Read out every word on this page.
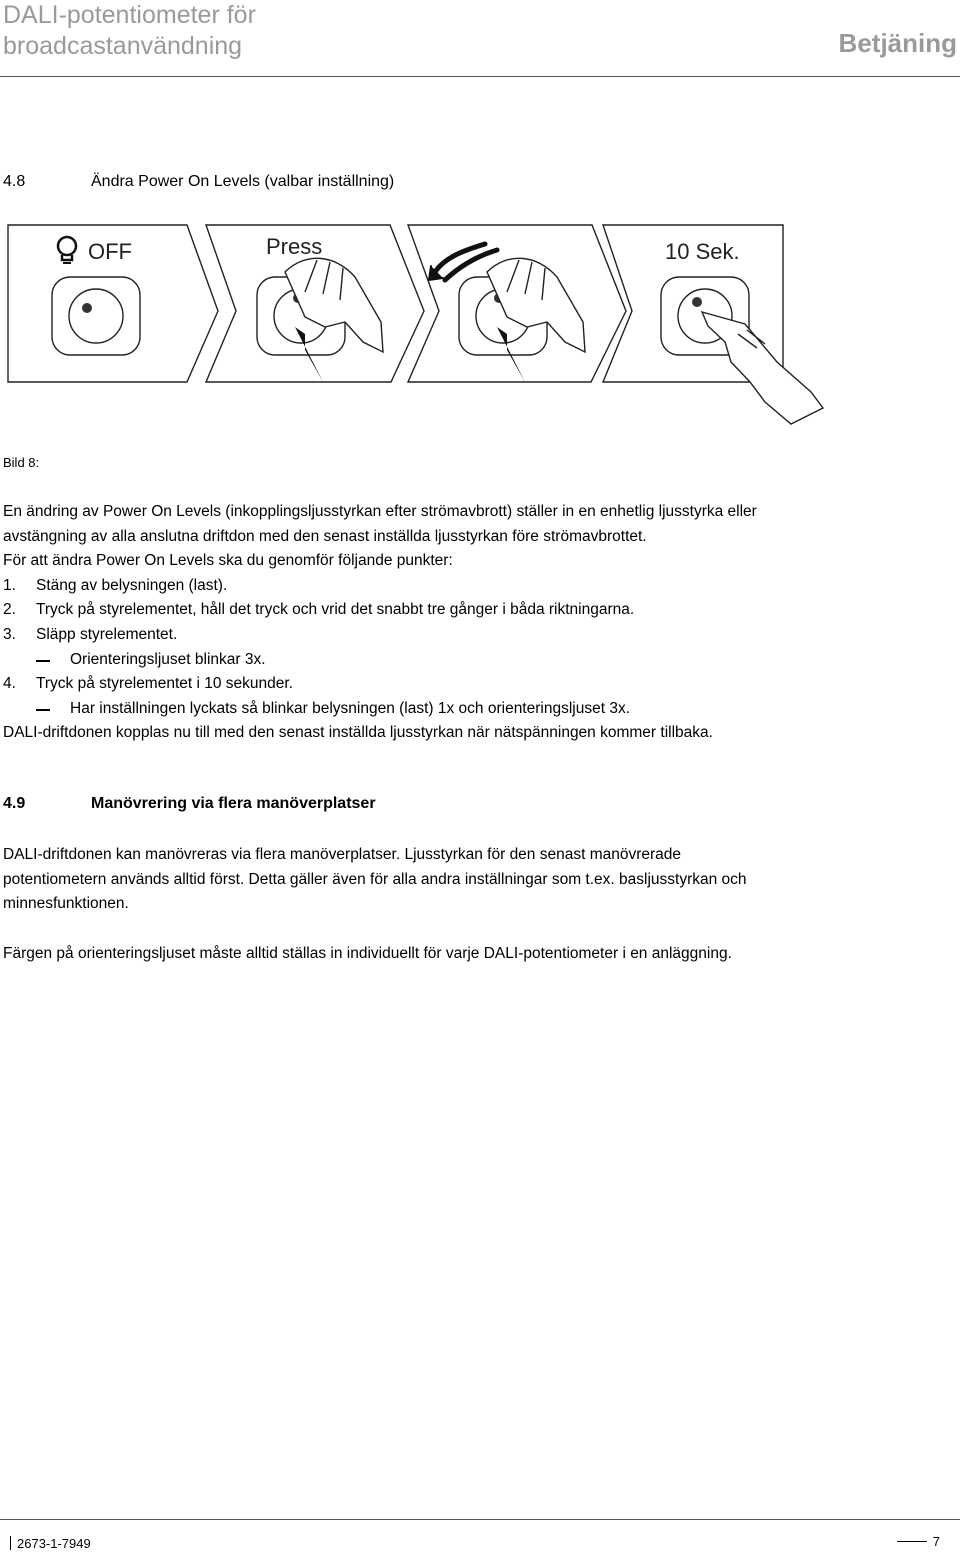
DALI-potentiometer för
broadcastanvändning	Betjäning
4.8	Ändra Power On Levels (valbar inställning)
OFF	Press	10 Sek.
Bild 8:
En ändring av Power On Levels (inkopplingsljusstyrkan efter strömavbrott) ställer in en enhetlig ljusstyrka eller
avstängning av alla anslutna driftdon med den senast inställda ljusstyrkan före strömavbrottet.
För att ändra Power On Levels ska du genomför följande punkter:
1. Stäng av belysningen (last).
2. Tryck på styrelementet, håll det tryck och vrid det snabbt tre gånger i båda riktningarna.
3. Släpp styrelementet.
Orienteringsljuset blinkar 3x.
4. Tryck på styrelementet i 10 sekunder.
Har inställningen lyckats så blinkar belysningen (last) 1x och orienteringsljuset 3x.
DALI-driftdonen kopplas nu till med den senast inställda ljusstyrkan när nätspänningen kommer tillbaka.
4.9	Manövrering via flera manöverplatser
DALI-driftdonen kan manövreras via flera manöverplatser. Ljusstyrkan för den senast manövrerade
potentiometern används alltid först. Detta gäller även för alla andra inställningar som t.ex. basljusstyrkan och
minnesfunktionen.
Färgen på orienteringsljuset måste alltid ställas in individuellt för varje DALI-potentiometer i en anläggning.
2673-1-7949	7
